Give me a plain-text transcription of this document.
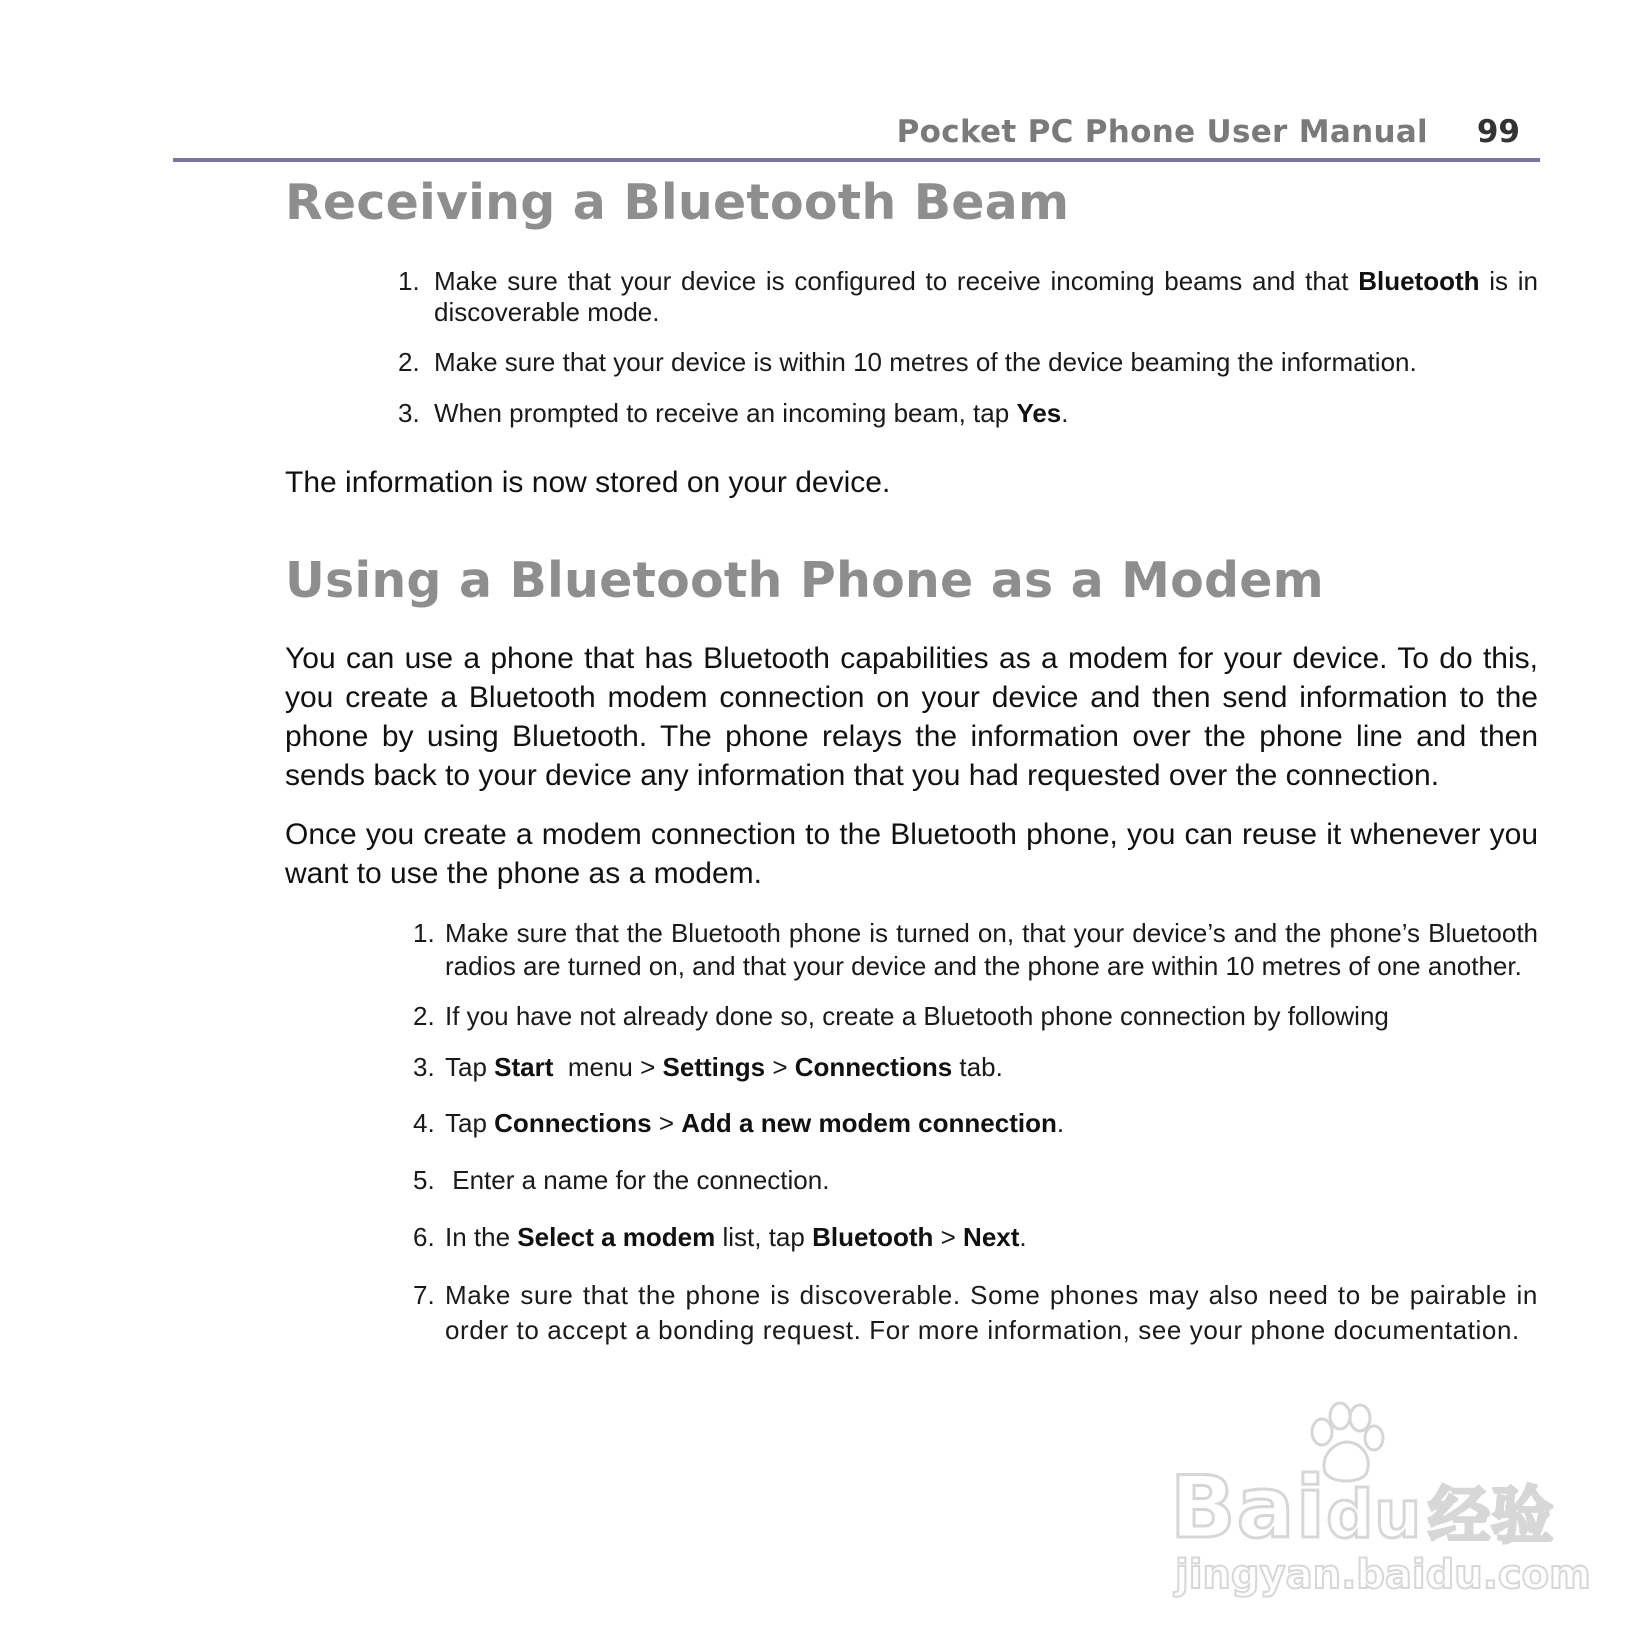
Pocket PC Phone User Manual 99
Receiving a Bluetooth Beam
1. Make sure that your device is configured to receive incoming beams and that Bluetooth is in discoverable mode.
2. Make sure that your device is within 10 metres of the device beaming the information.
3. When prompted to receive an incoming beam, tap Yes.

The information is now stored on your device.

Using a Bluetooth Phone as a Modem

You can use a phone that has Bluetooth capabilities as a modem for your device. To do this, you create a Bluetooth modem connection on your device and then send information to the phone by using Bluetooth. The phone relays the information over the phone line and then sends back to your device any information that you had requested over the connection.

Once you create a modem connection to the Bluetooth phone, you can reuse it whenever you want to use the phone as a modem.

1. Make sure that the Bluetooth phone is turned on, that your device’s and the phone’s Bluetooth radios are turned on, and that your device and the phone are within 10 metres of one another.
2. If you have not already done so, create a Bluetooth phone connection by following
3. Tap Start  menu > Settings > Connections tab.
4. Tap Connections > Add a new modem connection.
5. Enter a name for the connection.
6. In the Select a modem list, tap Bluetooth > Next.
7. Make sure that the phone is discoverable. Some phones may also need to be pairable in order to accept a bonding request. For more information, see your phone documentation.
Baidu经验
jingyan.baidu.com
